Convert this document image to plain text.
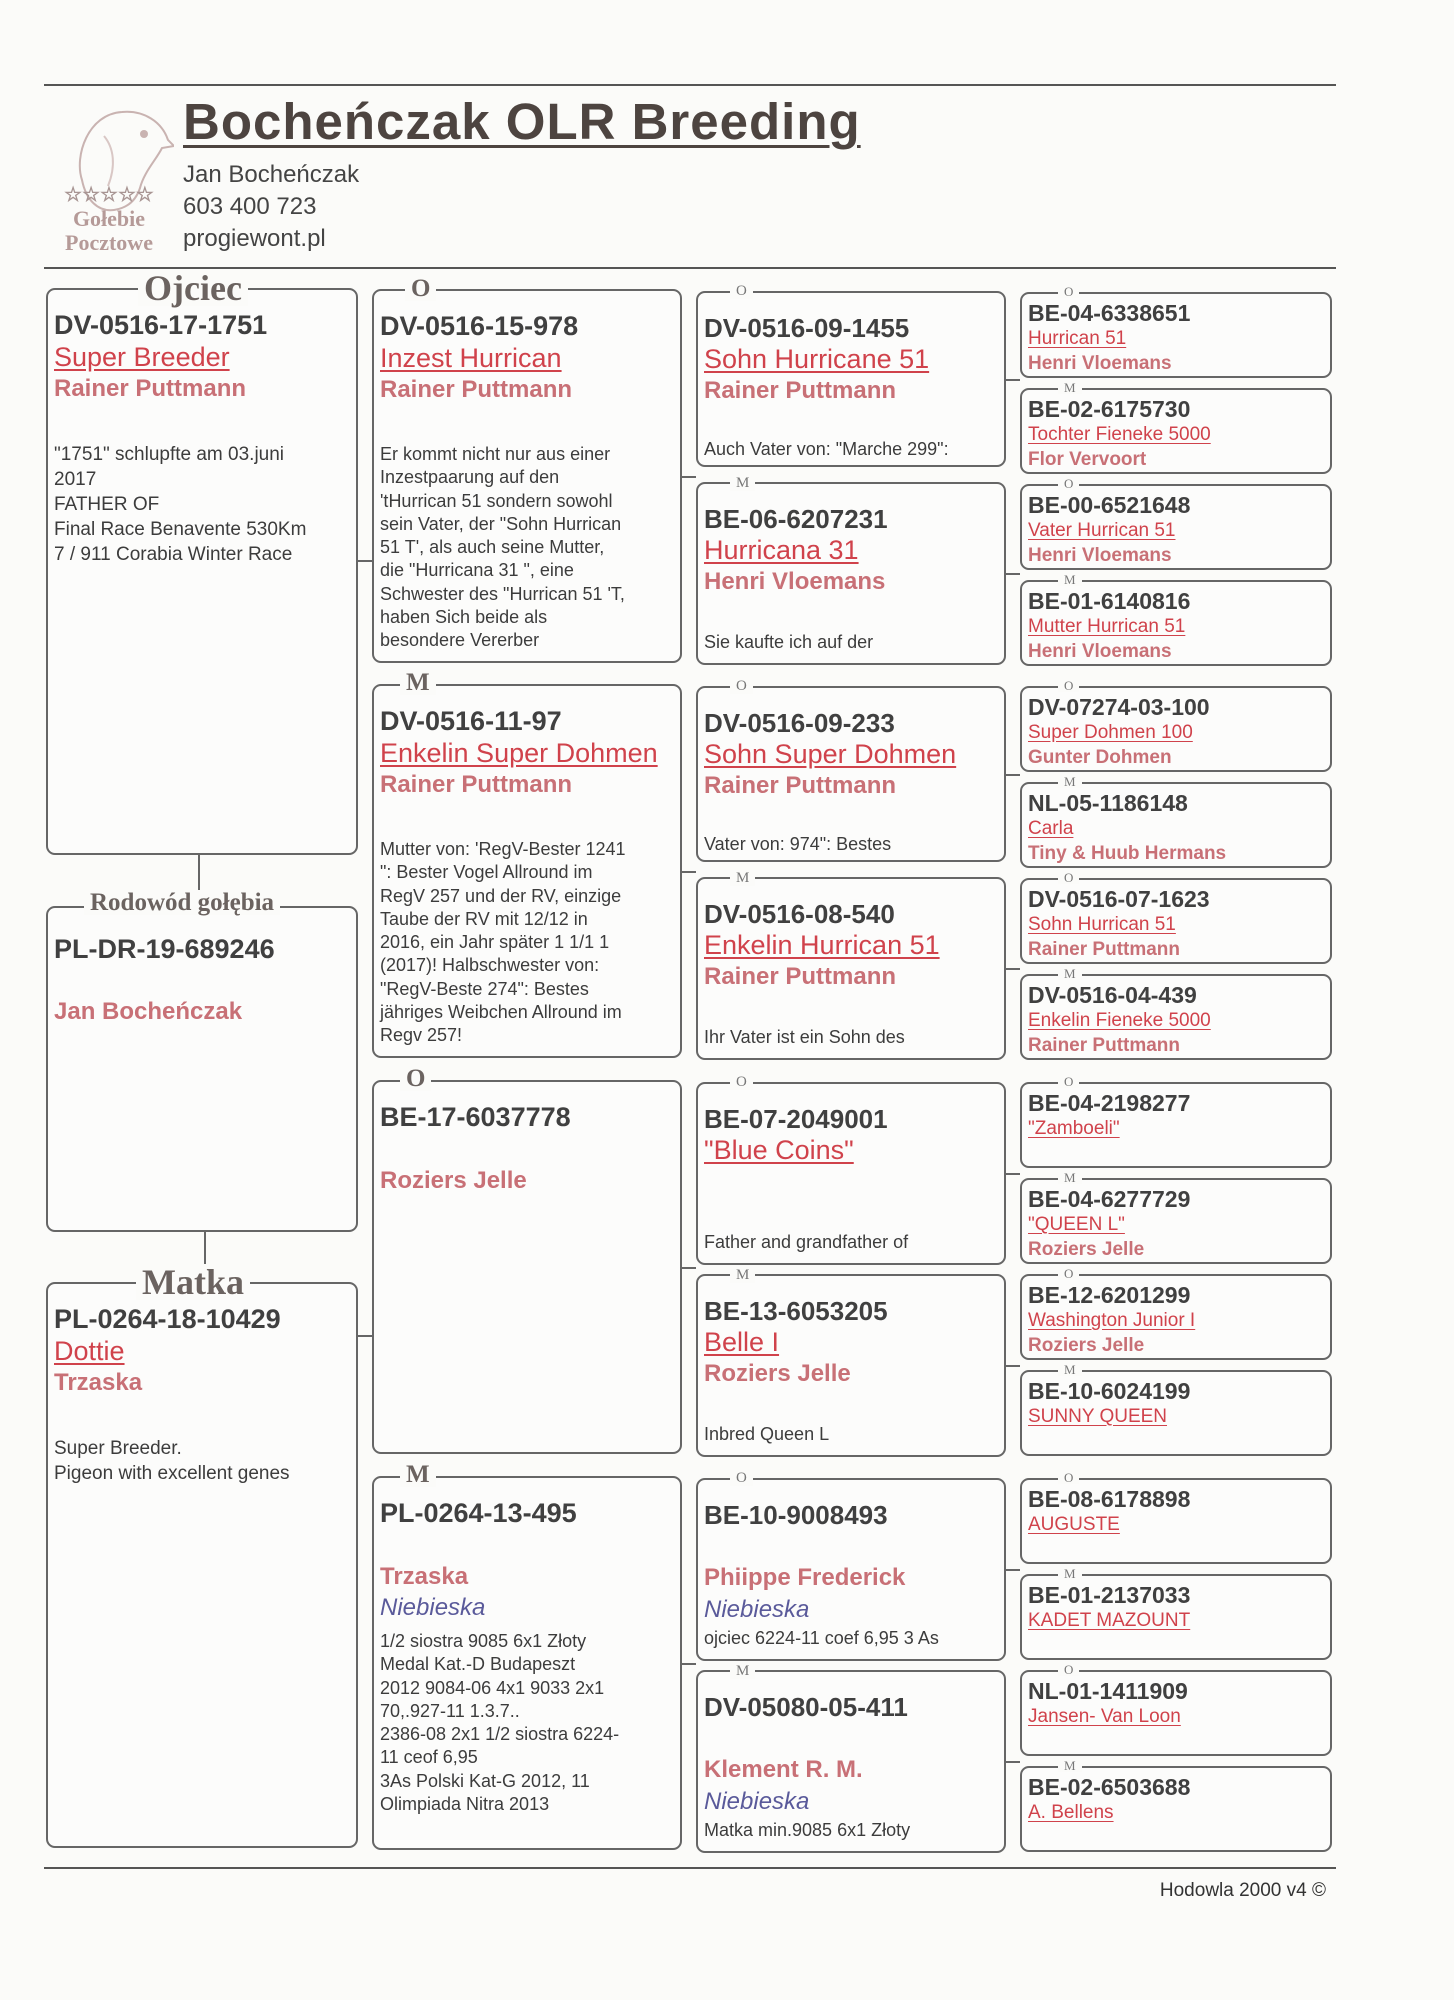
☆☆☆☆☆
Gołebie
Pocztowe
Bocheńczak OLR Breeding
Jan Bocheńczak
603 400 723
progiewont.pl
DV-0516-17-1751
Super Breeder
Rainer Puttmann
"1751" schlupfte am 03.juni
2017
FATHER OF
Final Race Benavente 530Km
7 / 911 Corabia Winter Race
Ojciec
PL-DR-19-689246
Jan Bocheńczak
Rodowód gołębia
PL-0264-18-10429
Dottie
Trzaska
Super Breeder.
Pigeon with excellent genes
Matka
DV-0516-15-978
Inzest Hurrican
Rainer Puttmann
Er kommt nicht nur aus einer
Inzestpaarung auf den
'tHurrican 51 sondern sowohl
sein Vater, der "Sohn Hurrican
51 T', als auch seine Mutter,
die "Hurricana 31 ", eine
Schwester des "Hurrican 51 'T,
haben Sich beide als
besondere Vererber
O
DV-0516-11-97
Enkelin Super Dohmen
Rainer Puttmann
Mutter von: 'RegV-Bester 1241
": Bester Vogel Allround im
RegV 257 und der RV, einzige
Taube der RV mit 12/12 in
2016, ein Jahr später 1 1/1 1
(2017)! Halbschwester von:
"RegV-Beste 274": Bestes
jähriges Weibchen Allround im
Regv 257!
M
BE-17-6037778
Roziers Jelle
O
PL-0264-13-495
Trzaska
Niebieska
1/2 siostra 9085 6x1 Złoty
Medal Kat.-D Budapeszt
2012 9084-06 4x1 9033 2x1
70,.927-11 1.3.7..
2386-08 2x1 1/2 siostra 6224-
11 ceof 6,95
3As Polski Kat-G 2012, 11
Olimpiada Nitra 2013
M
DV-0516-09-1455
Sohn Hurricane 51
Rainer Puttmann
Auch Vater von: "Marche 299":
O
BE-06-6207231
Hurricana 31
Henri Vloemans
Sie kaufte ich auf der
M
DV-0516-09-233
Sohn Super Dohmen
Rainer Puttmann
Vater von: 974": Bestes
O
DV-0516-08-540
Enkelin Hurrican 51
Rainer Puttmann
Ihr Vater ist ein Sohn des
M
BE-07-2049001
"Blue Coins"
Father and grandfather of
O
BE-13-6053205
Belle I
Roziers Jelle
Inbred Queen L
M
BE-10-9008493
Phiippe Frederick
Niebieska
ojciec 6224-11 coef 6,95 3 As
O
DV-05080-05-411
Klement R. M.
Niebieska
Matka min.9085 6x1 Złoty
M
BE-04-6338651
Hurrican 51
Henri Vloemans
O
BE-02-6175730
Tochter Fieneke 5000
Flor Vervoort
M
BE-00-6521648
Vater Hurrican 51
Henri Vloemans
O
BE-01-6140816
Mutter Hurrican 51
Henri Vloemans
M
DV-07274-03-100
Super Dohmen 100
Gunter Dohmen
O
NL-05-1186148
Carla
Tiny & Huub Hermans
M
DV-0516-07-1623
Sohn Hurrican 51
Rainer Puttmann
O
DV-0516-04-439
Enkelin Fieneke 5000
Rainer Puttmann
M
BE-04-2198277
"Zamboeli"
O
BE-04-6277729
"QUEEN L"
Roziers Jelle
M
BE-12-6201299
Washington Junior I
Roziers Jelle
O
BE-10-6024199
SUNNY QUEEN
M
BE-08-6178898
AUGUSTE
O
BE-01-2137033
KADET MAZOUNT
M
NL-01-1411909
Jansen- Van Loon
O
BE-02-6503688
A. Bellens
M
Hodowla 2000 v4 ©
